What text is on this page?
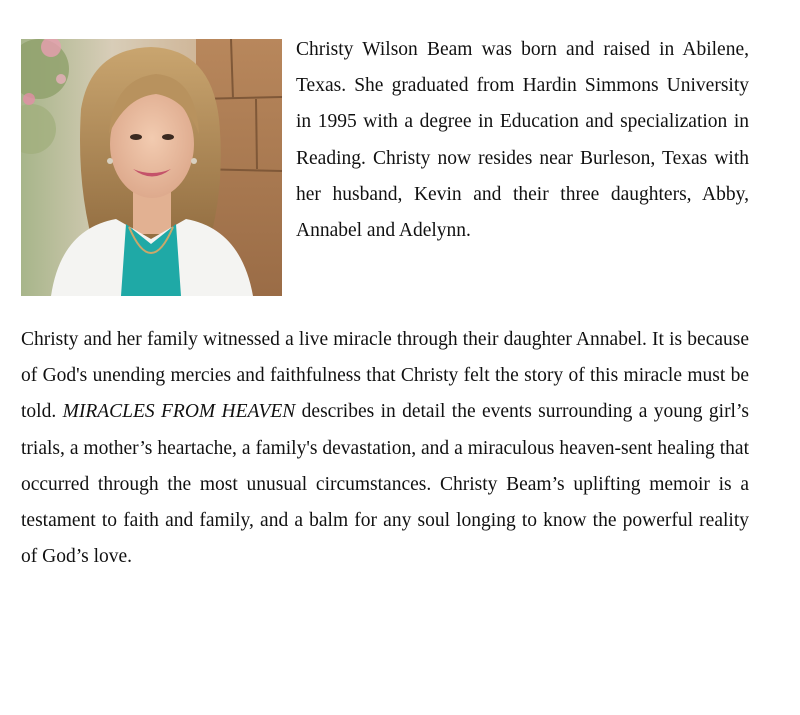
Christy Wilson Beam was born and raised in Abilene, Texas. She graduated from Hardin Simmons University in 1995 with a degree in Education and specialization in Reading. Christy now resides near Burleson, Texas with her husband, Kevin and their three daughters, Abby, Annabel and Adelynn.

Christy and her family witnessed a live miracle through their daughter Annabel. It is because of God's unending mercies and faithfulness that Christy felt the story of this miracle must be told. MIRACLES FROM HEAVEN describes in detail the events surrounding a young girl’s trials, a mother’s heartache, a family's devastation, and a miraculous heaven-sent healing that occurred through the most unusual circumstances. Christy Beam’s uplifting memoir is a testament to faith and family, and a balm for any soul longing to know the powerful reality of God’s love.
